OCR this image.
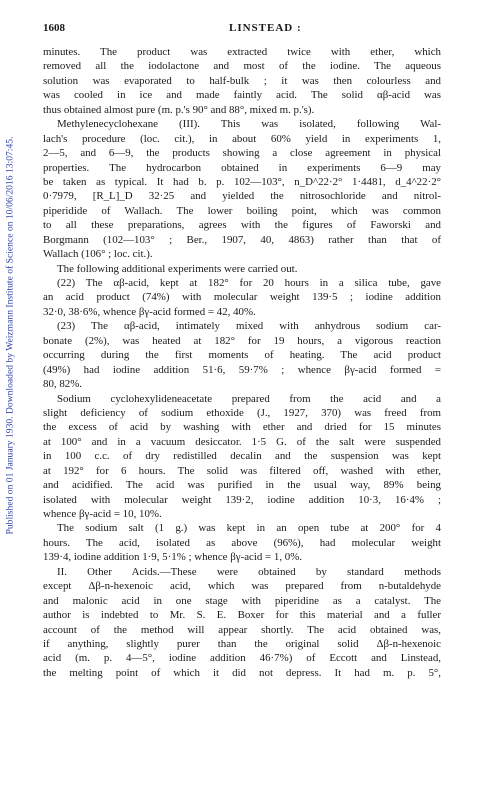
Published on 01 January 1930. Downloaded by Weizmann Institute of Science on 10/06/2016 13:07:45.
1608	LINSTEAD :
minutes. The product was extracted twice with ether, which
removed all the iodolactone and most of the iodine. The aqueous
solution was evaporated to half-bulk ; it was then colourless and
was cooled in ice and made faintly acid. The solid αβ-acid was
thus obtained almost pure (m. p.'s 90° and 88°, mixed m. p.'s).
Methylenecyclohexane (III). This was isolated, following Wal-
lach's procedure (loc. cit.), in about 60% yield in experiments 1,
2—5, and 6—9, the products showing a close agreement in physical
properties. The hydrocarbon obtained in experiments 6—9 may
be taken as typical. It had b. p. 102—103°, n_D^22·2° 1·4481, d_4^22·2°
0·7979, [R_L]_D 32·25 and yielded the nitrosochloride and nitrol-
piperidide of Wallach. The lower boiling point, which was common
to all these preparations, agrees with the figures of Faworski and
Borgmann (102—103° ; Ber., 1907, 40, 4863) rather than that of
Wallach (106° ; loc. cit.).
The following additional experiments were carried out.
(22) The αβ-acid, kept at 182° for 20 hours in a silica tube, gave
an acid product (74%) with molecular weight 139·5 ; iodine addition
32·0, 38·6%, whence βγ-acid formed = 42, 40%.
(23) The αβ-acid, intimately mixed with anhydrous sodium car-
bonate (2%), was heated at 182° for 19 hours, a vigorous reaction
occurring during the first moments of heating. The acid product
(49%) had iodine addition 51·6, 59·7% ; whence βγ-acid formed =
80, 82%.
Sodium cyclohexylideneacetate prepared from the acid and a
slight deficiency of sodium ethoxide (J., 1927, 370) was freed from
the excess of acid by washing with ether and dried for 15 minutes
at 100° and in a vacuum desiccator. 1·5 G. of the salt were suspended
in 100 c.c. of dry redistilled decalin and the suspension was kept
at 192° for 6 hours. The solid was filtered off, washed with ether,
and acidified. The acid was purified in the usual way, 89% being
isolated with molecular weight 139·2, iodine addition 10·3, 16·4% ;
whence βγ-acid = 10, 10%.
The sodium salt (1 g.) was kept in an open tube at 200° for 4
hours. The acid, isolated as above (96%), had molecular weight
139·4, iodine addition 1·9, 5·1% ; whence βγ-acid = 1, 0%.
II. Other Acids.—These were obtained by standard methods
except Δβ-n-hexenoic acid, which was prepared from n-butaldehyde
and malonic acid in one stage with piperidine as a catalyst. The
author is indebted to Mr. S. E. Boxer for this material and a fuller
account of the method will appear shortly. The acid obtained was,
if anything, slightly purer than the original solid Δβ-n-hexenoic
acid (m. p. 4—5°, iodine addition 46·7%) of Eccott and Linstead,
the melting point of which it did not depress. It had m. p. 5°,
